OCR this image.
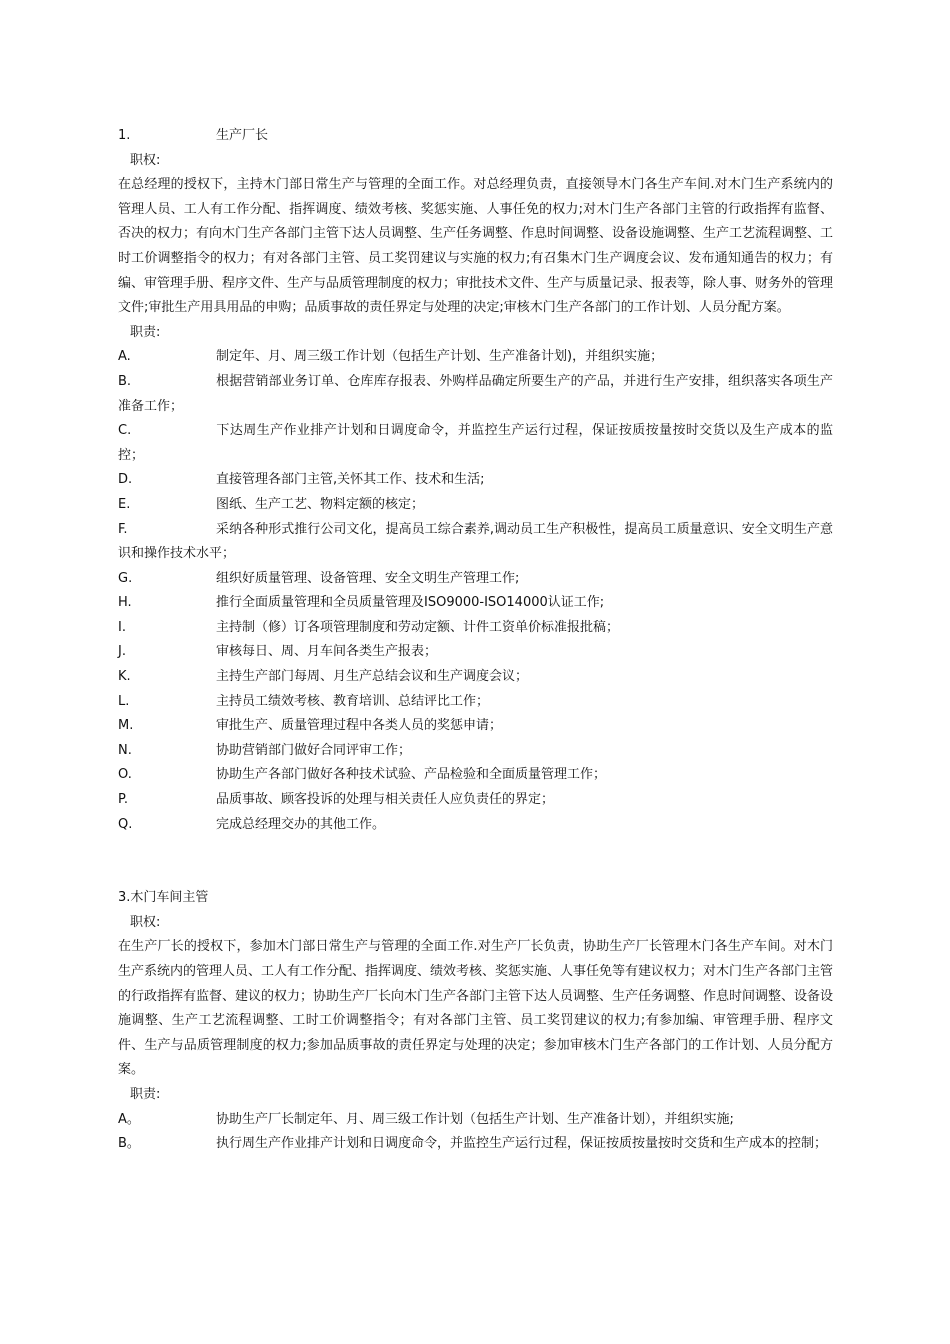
1.	生产厂长
职权:
在总经理的授权下，主持木门部日常生产与管理的全面工作。对总经理负责，直接领导木门各生产车间.对木门生产系统内的管理人员、工人有工作分配、指挥调度、绩效考核、奖惩实施、人事任免的权力;对木门生产各部门主管的行政指挥有监督、否决的权力；有向木门生产各部门主管下达人员调整、生产任务调整、作息时间调整、设备设施调整、生产工艺流程调整、工时工价调整指令的权力；有对各部门主管、员工奖罚建议与实施的权力;有召集木门生产调度会议、发布通知通告的权力；有编、审管理手册、程序文件、生产与品质管理制度的权力；审批技术文件、生产与质量记录、报表等，除人事、财务外的管理文件;审批生产用具用品的申购；品质事故的责任界定与处理的决定;审核木门生产各部门的工作计划、人员分配方案。
职责:
A.	制定年、月、周三级工作计划（包括生产计划、生产准备计划)，并组织实施；
B.	根据营销部业务订单、仓库库存报表、外购样品确定所要生产的产品，并进行生产安排，组织落实各项生产准备工作；
C.	下达周生产作业排产计划和日调度命令，并监控生产运行过程，保证按质按量按时交货以及生产成本的监控；
D.	直接管理各部门主管,关怀其工作、技术和生活;
E.	图纸、生产工艺、物料定额的核定；
F.	采纳各种形式推行公司文化，提高员工综合素养,调动员工生产积极性，提高员工质量意识、安全文明生产意识和操作技术水平；
G.	组织好质量管理、设备管理、安全文明生产管理工作;
H.	推行全面质量管理和全员质量管理及ISO9000-ISO14000认证工作;
I.	主持制（修）订各项管理制度和劳动定额、计件工资单价标准报批稿；
J.	审核每日、周、月车间各类生产报表；
K.	主持生产部门每周、月生产总结会议和生产调度会议；
L.	主持员工绩效考核、教育培训、总结评比工作；
M.	审批生产、质量管理过程中各类人员的奖惩申请；
N.	协助营销部门做好合同评审工作；
O.	协助生产各部门做好各种技术试验、产品检验和全面质量管理工作；
P.	品质事故、顾客投诉的处理与相关责任人应负责任的界定；
Q.	完成总经理交办的其他工作。
3.木门车间主管
职权:
在生产厂长的授权下，参加木门部日常生产与管理的全面工作.对生产厂长负责，协助生产厂长管理木门各生产车间。对木门生产系统内的管理人员、工人有工作分配、指挥调度、绩效考核、奖惩实施、人事任免等有建议权力；对木门生产各部门主管的行政指挥有监督、建议的权力；协助生产厂长向木门生产各部门主管下达人员调整、生产任务调整、作息时间调整、设备设施调整、生产工艺流程调整、工时工价调整指令；有对各部门主管、员工奖罚建议的权力;有参加编、审管理手册、程序文件、生产与品质管理制度的权力;参加品质事故的责任界定与处理的决定；参加审核木门生产各部门的工作计划、人员分配方案。
职责:
A。	协助生产厂长制定年、月、周三级工作计划（包括生产计划、生产准备计划），并组织实施;
B。	执行周生产作业排产计划和日调度命令，并监控生产运行过程，保证按质按量按时交货和生产成本的控制；
